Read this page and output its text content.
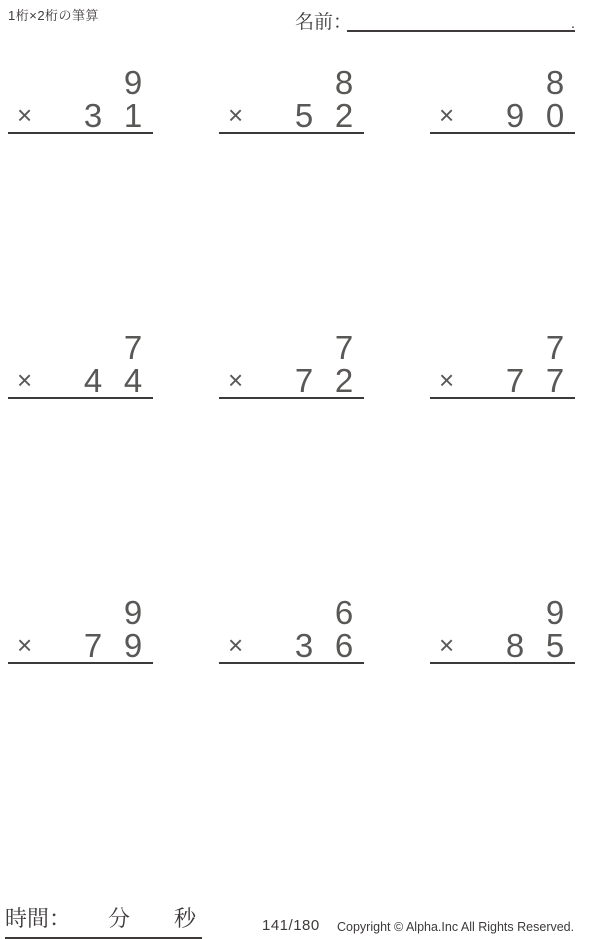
1桁×2桁の筆算	名前：	.
9
×	3 1
8
×	5 2
8
×	9 0
7
×	4 4
7
×	7 2
7
×	7 7
9
×	7 9
6
×	3 6
9
×	8 5
時間： 分 秒	141/180 Copyright © Alpha.Inc All Rights Reserved.
